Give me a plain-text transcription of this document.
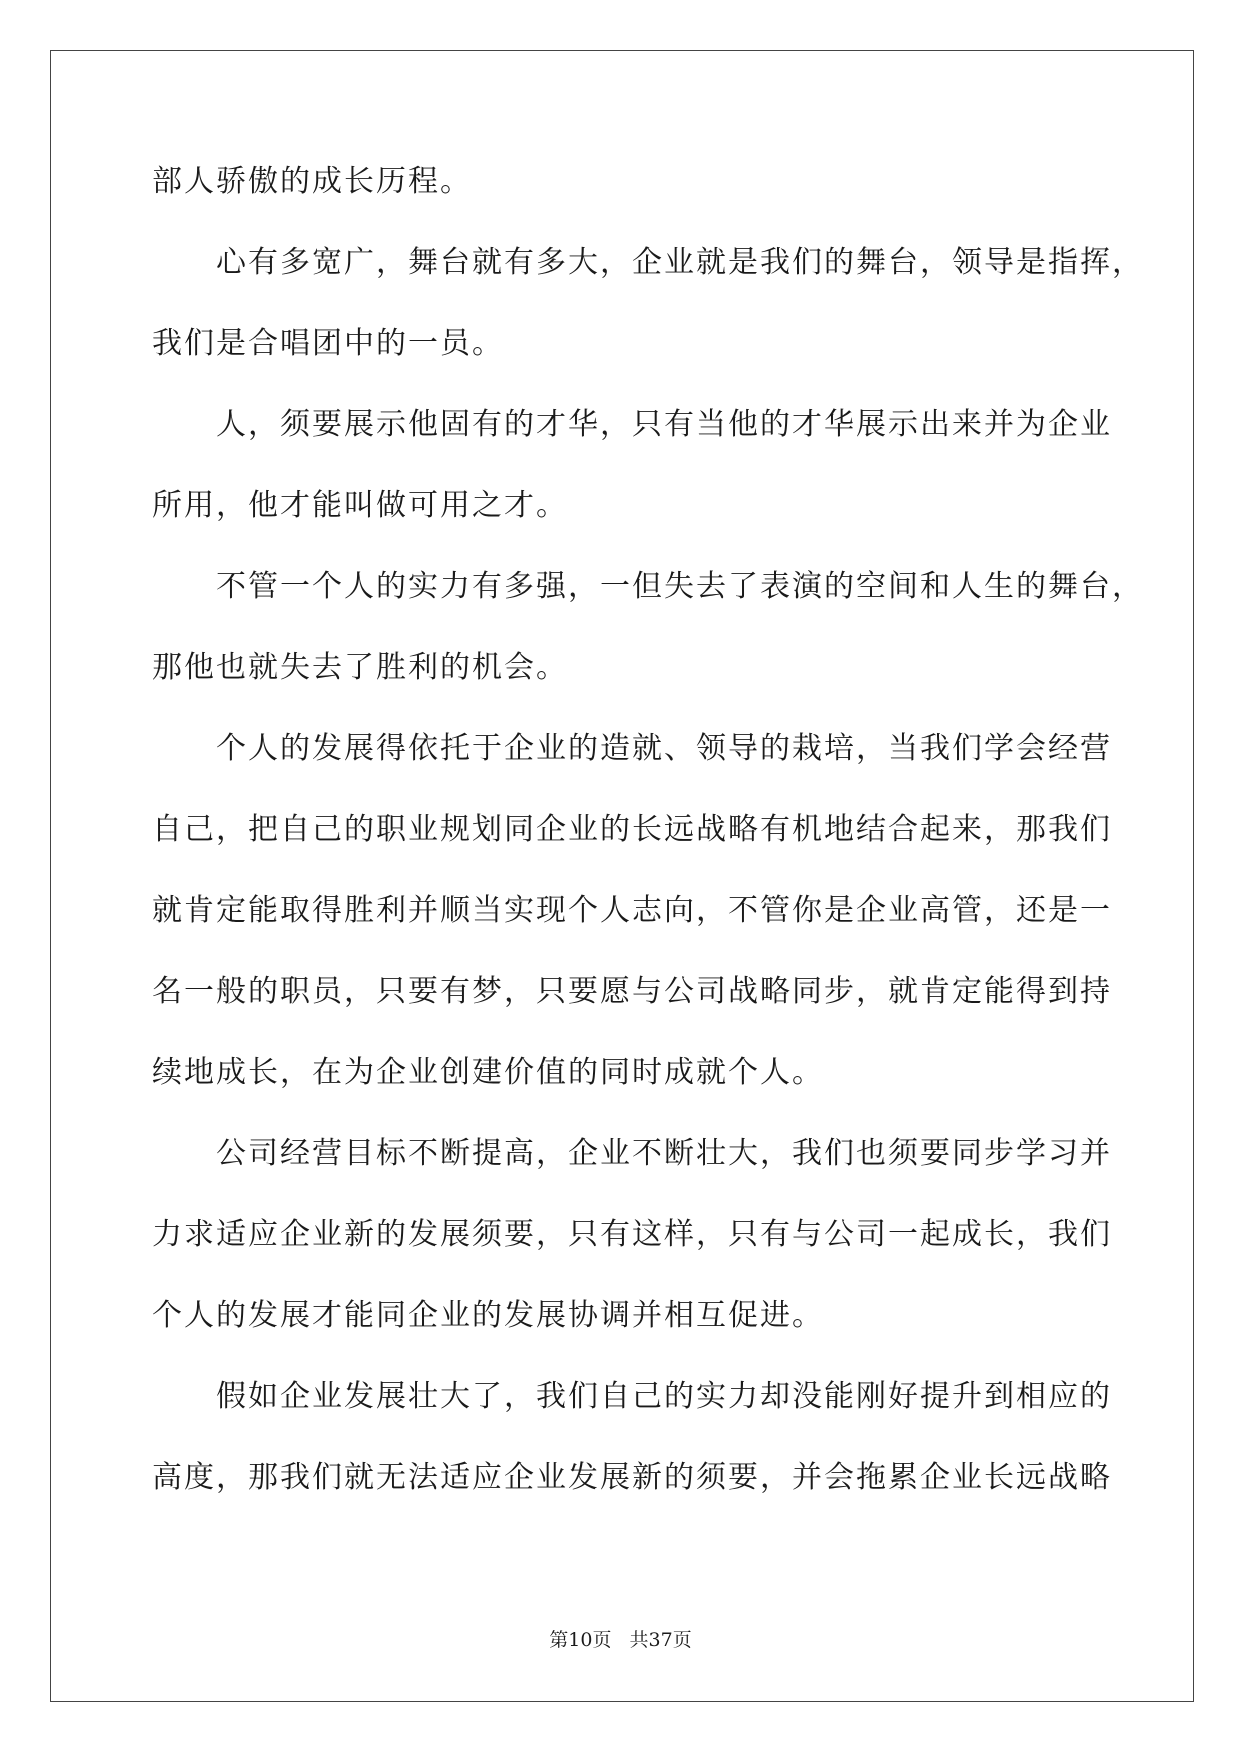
部人骄傲的成长历程。
心有多宽广，舞台就有多大，企业就是我们的舞台，领导是指挥，
我们是合唱团中的一员。
人，须要展示他固有的才华，只有当他的才华展示出来并为企业
所用，他才能叫做可用之才。
不管一个人的实力有多强，一但失去了表演的空间和人生的舞台，
那他也就失去了胜利的机会。
个人的发展得依托于企业的造就、领导的栽培，当我们学会经营
自己，把自己的职业规划同企业的长远战略有机地结合起来，那我们
就肯定能取得胜利并顺当实现个人志向，不管你是企业高管，还是一
名一般的职员，只要有梦，只要愿与公司战略同步，就肯定能得到持
续地成长，在为企业创建价值的同时成就个人。
公司经营目标不断提高，企业不断壮大，我们也须要同步学习并
力求适应企业新的发展须要，只有这样，只有与公司一起成长，我们
个人的发展才能同企业的发展协调并相互促进。
假如企业发展壮大了，我们自己的实力却没能刚好提升到相应的
高度，那我们就无法适应企业发展新的须要，并会拖累企业长远战略
第10页 共37页
